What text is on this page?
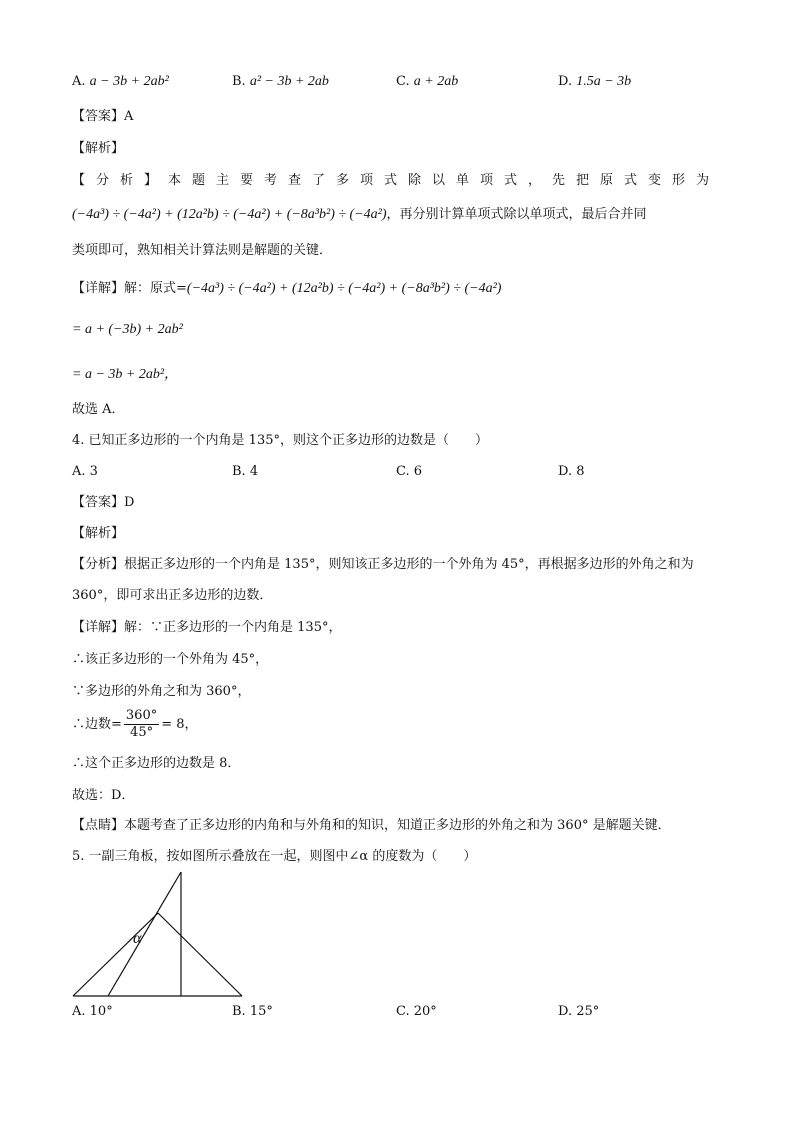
A. a − 3b + 2ab²	B. a² − 3b + 2ab	C. a + 2ab	D. 1.5a − 3b
【答案】A
【解析】
【分析】本题主要考查了多项式除以单项式，先把原式变形为
(−4a³) ÷ (−4a²) + (12a²b) ÷ (−4a²) + (−8a³b²) ÷ (−4a²)，再分别计算单项式除以单项式，最后合并同
类项即可，熟知相关计算法则是解题的关键．
【详解】解：原式=(−4a³) ÷ (−4a²) + (12a²b) ÷ (−4a²) + (−8a³b²) ÷ (−4a²)
= a + (−3b) + 2ab²
= a − 3b + 2ab²，
故选 A．
4. 已知正多边形的一个内角是 135°，则这个正多边形的边数是（　　）
A. 3	B. 4	C. 6	D. 8
【答案】D
【解析】
【分析】根据正多边形的一个内角是 135°，则知该正多边形的一个外角为 45°，再根据多边形的外角之和为
360°，即可求出正多边形的边数．
【详解】解：∵正多边形的一个内角是 135°，
∴该正多边形的一个外角为 45°，
∵多边形的外角之和为 360°，
∴边数= $\frac{360^\circ}{45^\circ} = 8$，
∴这个正多边形的边数是 8．
故选：D．
【点睛】本题考查了正多边形的内角和与外角和的知识，知道正多边形的外角之和为 360° 是解题关键．
5. 一副三角板，按如图所示叠放在一起，则图中∠α 的度数为（　　）
α
A. 10°	B. 15°	C. 20°	D. 25°
